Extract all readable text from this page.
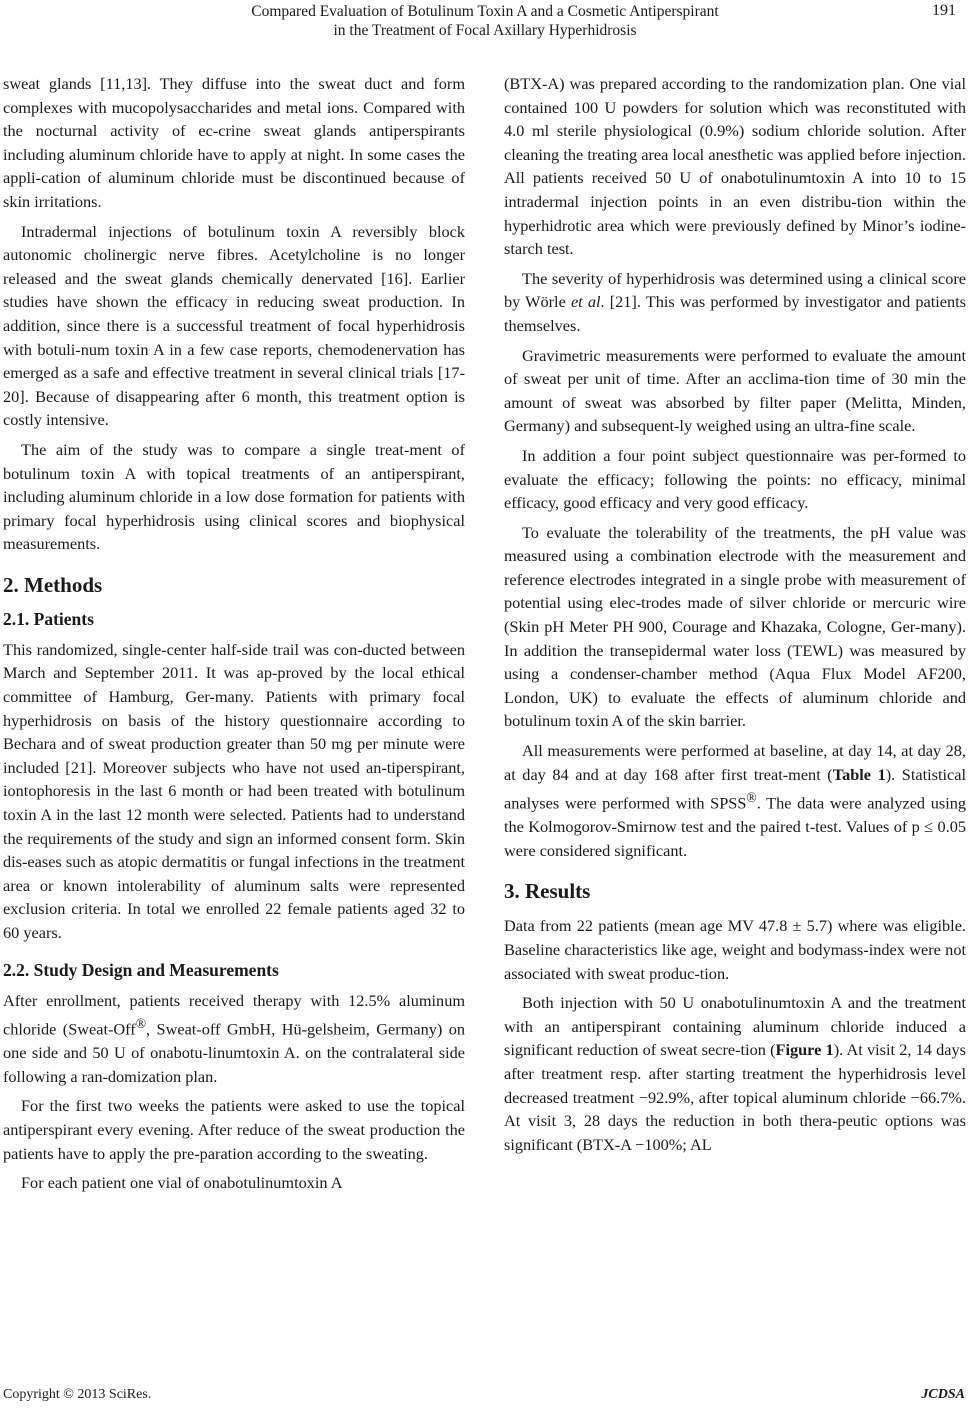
Compared Evaluation of Botulinum Toxin A and a Cosmetic Antiperspirant
in the Treatment of Focal Axillary Hyperhidrosis
191

sweat glands [11,13]. They diffuse into the sweat duct and form complexes with mucopolysaccharides and metal ions. Compared with the nocturnal activity of ec-crine sweat glands antiperspirants including aluminum chloride have to apply at night. In some cases the appli-cation of aluminum chloride must be discontinued because of skin irritations.

Intradermal injections of botulinum toxin A reversibly block autonomic cholinergic nerve fibres. Acetylcholine is no longer released and the sweat glands chemically denervated [16]. Earlier studies have shown the efficacy in reducing sweat production. In addition, since there is a successful treatment of focal hyperhidrosis with botuli-num toxin A in a few case reports, chemodenervation has emerged as a safe and effective treatment in several clinical trials [17-20]. Because of disappearing after 6 month, this treatment option is costly intensive.

The aim of the study was to compare a single treat-ment of botulinum toxin A with topical treatments of an antiperspirant, including aluminum chloride in a low dose formation for patients with primary focal hyperhidrosis using clinical scores and biophysical measurements.

2. Methods
2.1. Patients

This randomized, single-center half-side trail was con-ducted between March and September 2011. It was ap-proved by the local ethical committee of Hamburg, Ger-many. Patients with primary focal hyperhidrosis on basis of the history questionnaire according to Bechara and of sweat production greater than 50 mg per minute were included [21]. Moreover subjects who have not used an-tiperspirant, iontophoresis in the last 6 month or had been treated with botulinum toxin A in the last 12 month were selected. Patients had to understand the requirements of the study and sign an informed consent form. Skin dis-eases such as atopic dermatitis or fungal infections in the treatment area or known intolerability of aluminum salts were represented exclusion criteria. In total we enrolled 22 female patients aged 32 to 60 years.

2.2. Study Design and Measurements

After enrollment, patients received therapy with 12.5% aluminum chloride (Sweat-Off®, Sweat-off GmbH, Hü-gelsheim, Germany) on one side and 50 U of onabotu-linumtoxin A. on the contralateral side following a ran-domization plan.

For the first two weeks the patients were asked to use the topical antiperspirant every evening. After reduce of the sweat production the patients have to apply the pre-paration according to the sweating.

For each patient one vial of onabotulinumtoxin A

(BTX-A) was prepared according to the randomization plan. One vial contained 100 U powders for solution which was reconstituted with 4.0 ml sterile physiological (0.9%) sodium chloride solution. After cleaning the treating area local anesthetic was applied before injection. All patients received 50 U of onabotulinumtoxin A into 10 to 15 intradermal injection points in an even distribu-tion within the hyperhidrotic area which were previously defined by Minor’s iodine-starch test.

The severity of hyperhidrosis was determined using a clinical score by Wörle et al. [21]. This was performed by investigator and patients themselves.

Gravimetric measurements were performed to evaluate the amount of sweat per unit of time. After an acclima-tion time of 30 min the amount of sweat was absorbed by filter paper (Melitta, Minden, Germany) and subsequent-ly weighed using an ultra-fine scale.

In addition a four point subject questionnaire was per-formed to evaluate the efficacy; following the points: no efficacy, minimal efficacy, good efficacy and very good efficacy.

To evaluate the tolerability of the treatments, the pH value was measured using a combination electrode with the measurement and reference electrodes integrated in a single probe with measurement of potential using elec-trodes made of silver chloride or mercuric wire (Skin pH Meter PH 900, Courage and Khazaka, Cologne, Ger-many). In addition the transepidermal water loss (TEWL) was measured by using a condenser-chamber method (Aqua Flux Model AF200, London, UK) to evaluate the effects of aluminum chloride and botulinum toxin A of the skin barrier.

All measurements were performed at baseline, at day 14, at day 28, at day 84 and at day 168 after first treat-ment (Table 1). Statistical analyses were performed with SPSS®. The data were analyzed using the Kolmogorov-Smirnow test and the paired t-test. Values of p ≤ 0.05 were considered significant.

3. Results

Data from 22 patients (mean age MV 47.8 ± 5.7) where was eligible. Baseline characteristics like age, weight and bodymass-index were not associated with sweat produc-tion.

Both injection with 50 U onabotulinumtoxin A and the treatment with an antiperspirant containing aluminum chloride induced a significant reduction of sweat secre-tion (Figure 1). At visit 2, 14 days after treatment resp. after starting treatment the hyperhidrosis level decreased treatment −92.9%, after topical aluminum chloride −66.7%. At visit 3, 28 days the reduction in both thera-peutic options was significant (BTX-A −100%; AL

Copyright © 2013 SciRes.	JCDSA
